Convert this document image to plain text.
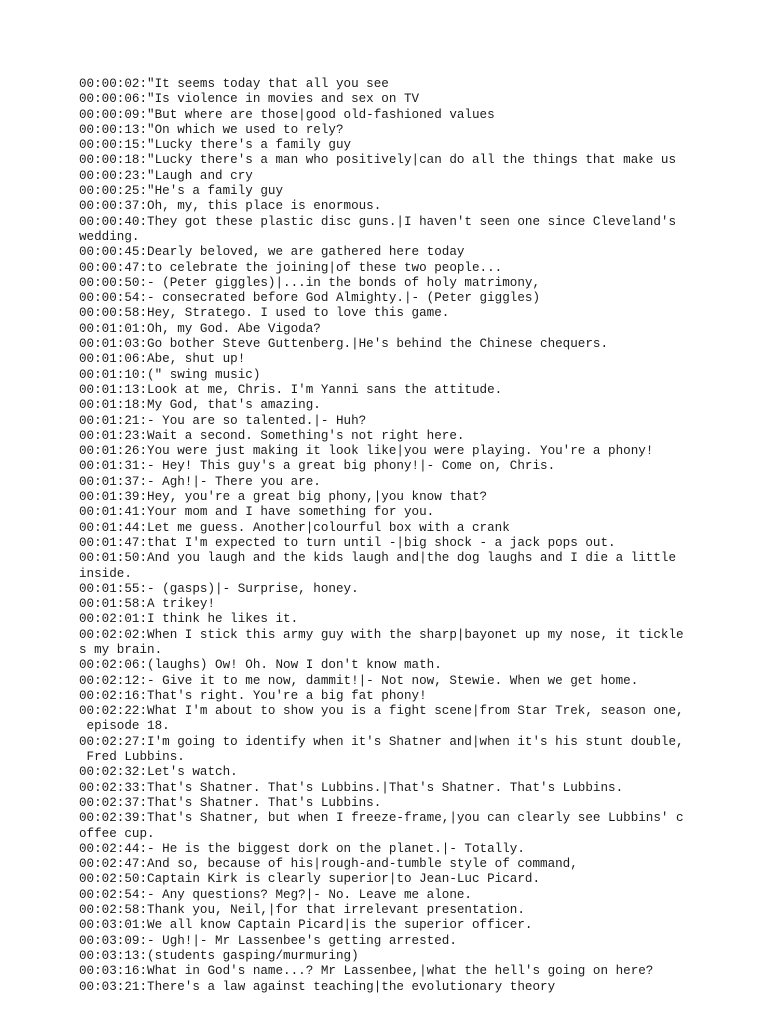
00:00:02:"It seems today that all you see
00:00:06:"Is violence in movies and sex on TV
00:00:09:"But where are those|good old-fashioned values
00:00:13:"On which we used to rely?
00:00:15:"Lucky there's a family guy
00:00:18:"Lucky there's a man who positively|can do all the things that make us
00:00:23:"Laugh and cry
00:00:25:"He's a family guy
00:00:37:Oh, my, this place is enormous.
00:00:40:They got these plastic disc guns.|I haven't seen one since Cleveland's
wedding.
00:00:45:Dearly beloved, we are gathered here today
00:00:47:to celebrate the joining|of these two people...
00:00:50:- (Peter giggles)|...in the bonds of holy matrimony,
00:00:54:- consecrated before God Almighty.|- (Peter giggles)
00:00:58:Hey, Stratego. I used to love this game.
00:01:01:Oh, my God. Abe Vigoda?
00:01:03:Go bother Steve Guttenberg.|He's behind the Chinese chequers.
00:01:06:Abe, shut up!
00:01:10:(" swing music)
00:01:13:Look at me, Chris. I'm Yanni sans the attitude.
00:01:18:My God, that's amazing.
00:01:21:- You are so talented.|- Huh?
00:01:23:Wait a second. Something's not right here.
00:01:26:You were just making it look like|you were playing. You're a phony!
00:01:31:- Hey! This guy's a great big phony!|- Come on, Chris.
00:01:37:- Agh!|- There you are.
00:01:39:Hey, you're a great big phony,|you know that?
00:01:41:Your mom and I have something for you.
00:01:44:Let me guess. Another|colourful box with a crank
00:01:47:that I'm expected to turn until -|big shock - a jack pops out.
00:01:50:And you laugh and the kids laugh and|the dog laughs and I die a little
inside.
00:01:55:- (gasps)|- Surprise, honey.
00:01:58:A trikey!
00:02:01:I think he likes it.
00:02:02:When I stick this army guy with the sharp|bayonet up my nose, it tickle
s my brain.
00:02:06:(laughs) Ow! Oh. Now I don't know math.
00:02:12:- Give it to me now, dammit!|- Not now, Stewie. When we get home.
00:02:16:That's right. You're a big fat phony!
00:02:22:What I'm about to show you is a fight scene|from Star Trek, season one,
episode 18.
00:02:27:I'm going to identify when it's Shatner and|when it's his stunt double,
Fred Lubbins.
00:02:32:Let's watch.
00:02:33:That's Shatner. That's Lubbins.|That's Shatner. That's Lubbins.
00:02:37:That's Shatner. That's Lubbins.
00:02:39:That's Shatner, but when I freeze-frame,|you can clearly see Lubbins' c
offee cup.
00:02:44:- He is the biggest dork on the planet.|- Totally.
00:02:47:And so, because of his|rough-and-tumble style of command,
00:02:50:Captain Kirk is clearly superior|to Jean-Luc Picard.
00:02:54:- Any questions? Meg?|- No. Leave me alone.
00:02:58:Thank you, Neil,|for that irrelevant presentation.
00:03:01:We all know Captain Picard|is the superior officer.
00:03:09:- Ugh!|- Mr Lassenbee's getting arrested.
00:03:13:(students gasping/murmuring)
00:03:16:What in God's name...? Mr Lassenbee,|what the hell's going on here?
00:03:21:There's a law against teaching|the evolutionary theory
